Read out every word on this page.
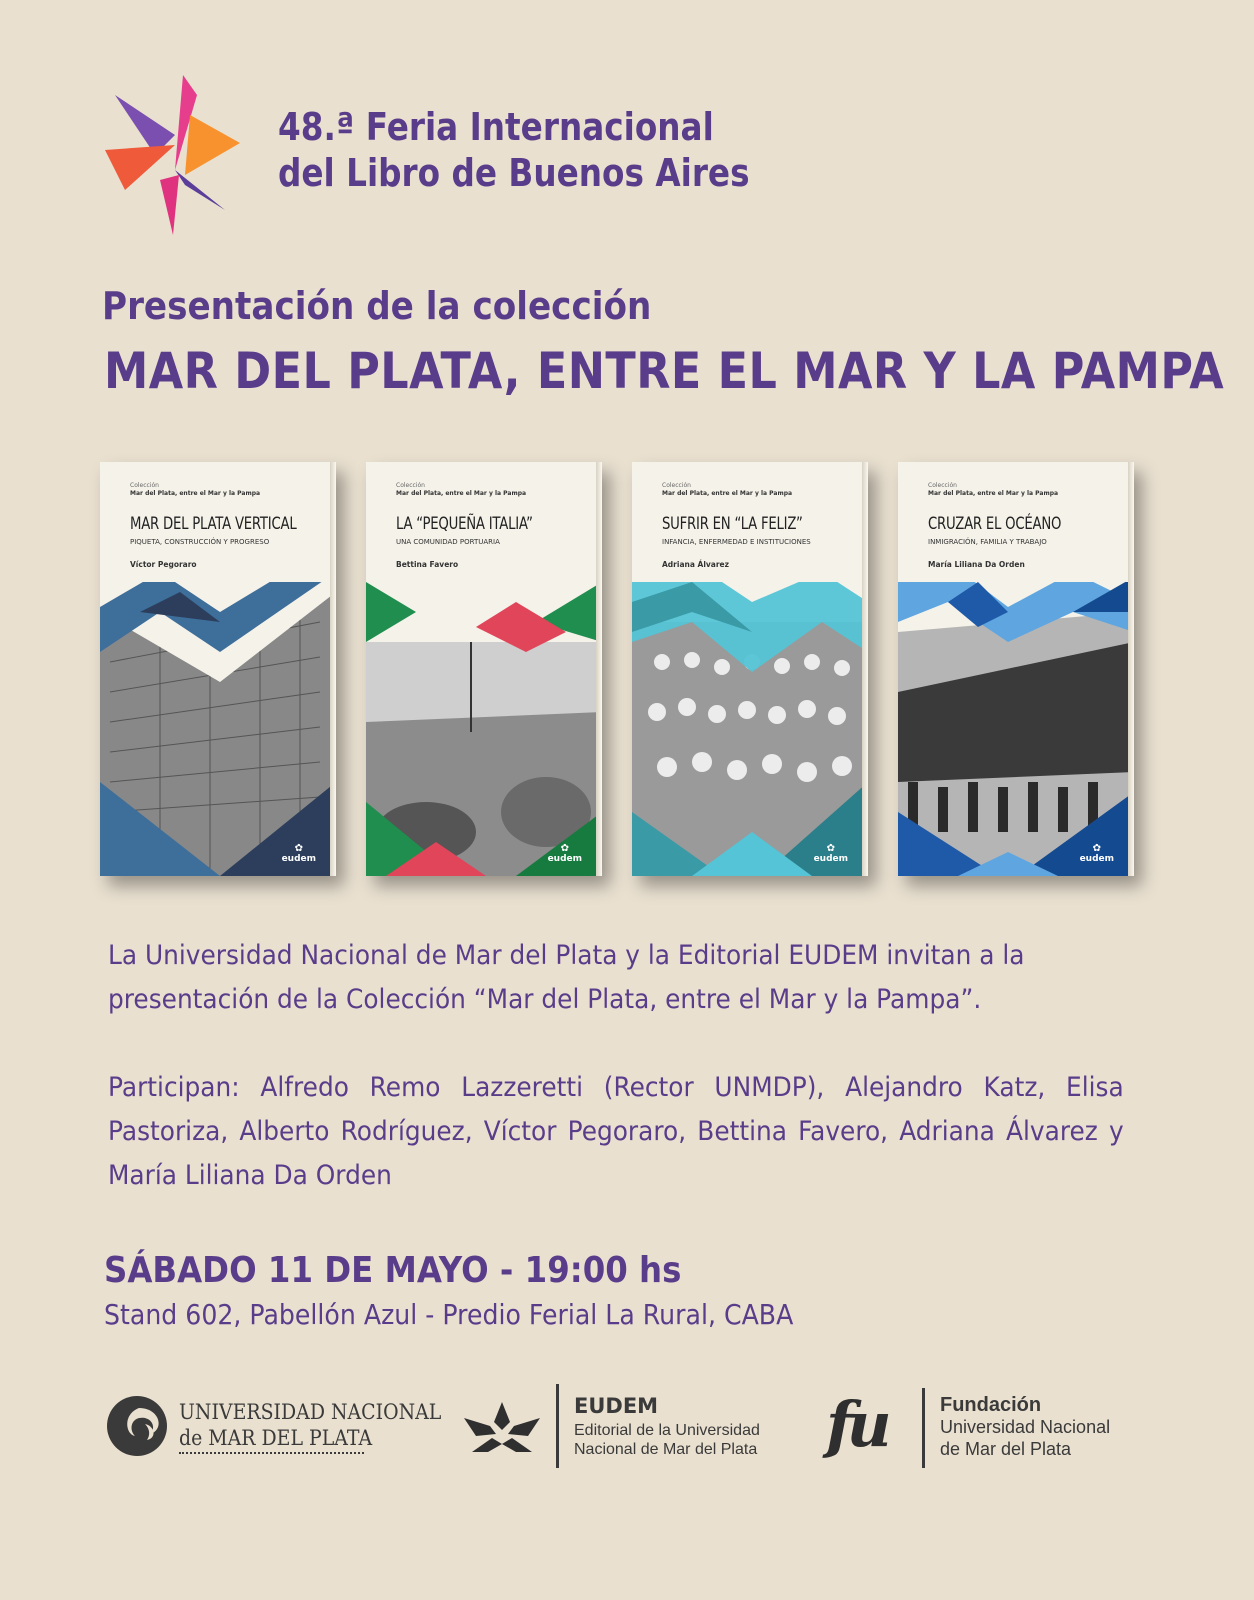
48.ª Feria Internacional
del Libro de Buenos Aires
Presentación de la colección
MAR DEL PLATA, ENTRE EL MAR Y LA PAMPA
Colección
Mar del Plata, entre el Mar y la Pampa
MAR DEL PLATA VERTICAL
PIQUETA, CONSTRUCCIÓN Y PROGRESO
Víctor Pegoraro
✿
eudem
Colección
Mar del Plata, entre el Mar y la Pampa
LA “PEQUEÑA ITALIA”
UNA COMUNIDAD PORTUARIA
Bettina Favero
✿
eudem
Colección
Mar del Plata, entre el Mar y la Pampa
SUFRIR EN “LA FELIZ”
INFANCIA, ENFERMEDAD E INSTITUCIONES
Adriana Álvarez
✿
eudem
Colección
Mar del Plata, entre el Mar y la Pampa
CRUZAR EL OCÉANO
INMIGRACIÓN, FAMILIA Y TRABAJO
María Liliana Da Orden
✿
eudem
La Universidad Nacional de Mar del Plata y la Editorial EUDEM invitan a la presentación de la Colección “Mar del Plata, entre el Mar y la Pampa”.
Participan: Alfredo Remo Lazzeretti (Rector UNMDP), Alejandro Katz, Elisa Pastoriza, Alberto Rodríguez, Víctor Pegoraro, Bettina Favero, Adriana Álvarez y María Liliana Da Orden
SÁBADO 11 DE MAYO - 19:00 hs
Stand 602, Pabellón Azul - Predio Ferial La Rural, CABA
UNIVERSIDAD NACIONAL
de MAR DEL PLATA
EUDEM
Editorial de la Universidad
Nacional de Mar del Plata fu	Fundación
Universidad Nacional
de Mar del Plata
